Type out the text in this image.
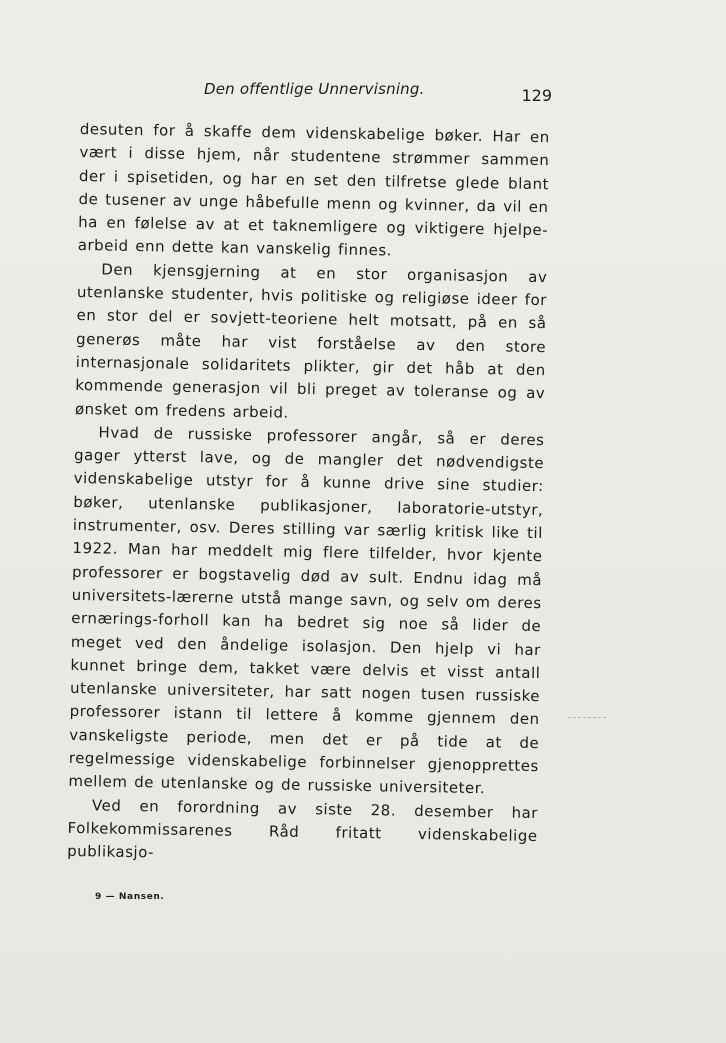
Den offentlige Unnervisning.	129

desuten for å skaffe dem videnskabelige bøker. Har en vært i disse hjem, når studentene strømmer sammen der i spisetiden, og har en set den tilfretse glede blant de tusener av unge håbefulle menn og kvinner, da vil en ha en følelse av at et taknemligere og viktigere hjelpe-arbeid enn dette kan vanskelig finnes.

Den kjensgjerning at en stor organisasjon av utenlanske studenter, hvis politiske og religiøse ideer for en stor del er sovjett-teoriene helt motsatt, på en så generøs måte har vist forståelse av den store internasjonale solidaritets plikter, gir det håb at den kommende generasjon vil bli preget av toleranse og av ønsket om fredens arbeid.

Hvad de russiske professorer angår, så er deres gager ytterst lave, og de mangler det nødvendigste videnskabelige utstyr for å kunne drive sine studier: bøker, utenlanske publikasjoner, laboratorie-utstyr, instrumenter, osv. Deres stilling var særlig kritisk like til 1922. Man har meddelt mig flere tilfelder, hvor kjente professorer er bogstavelig død av sult. Endnu idag må universitets-lærerne utstå mange savn, og selv om deres ernærings-forholl kan ha bedret sig noe så lider de meget ved den åndelige isolasjon. Den hjelp vi har kunnet bringe dem, takket være delvis et visst antall utenlanske universiteter, har satt nogen tusen russiske professorer istann til lettere å komme gjennem den vanskeligste periode, men det er på tide at de regelmessige videnskabelige forbinnelser gjenopprettes mellem de utenlanske og de russiske universiteter.

Ved en forordning av siste 28. desember har Folkekommissarenes Råd fritatt videnskabelige publikasjo-

9 — Nansen.
